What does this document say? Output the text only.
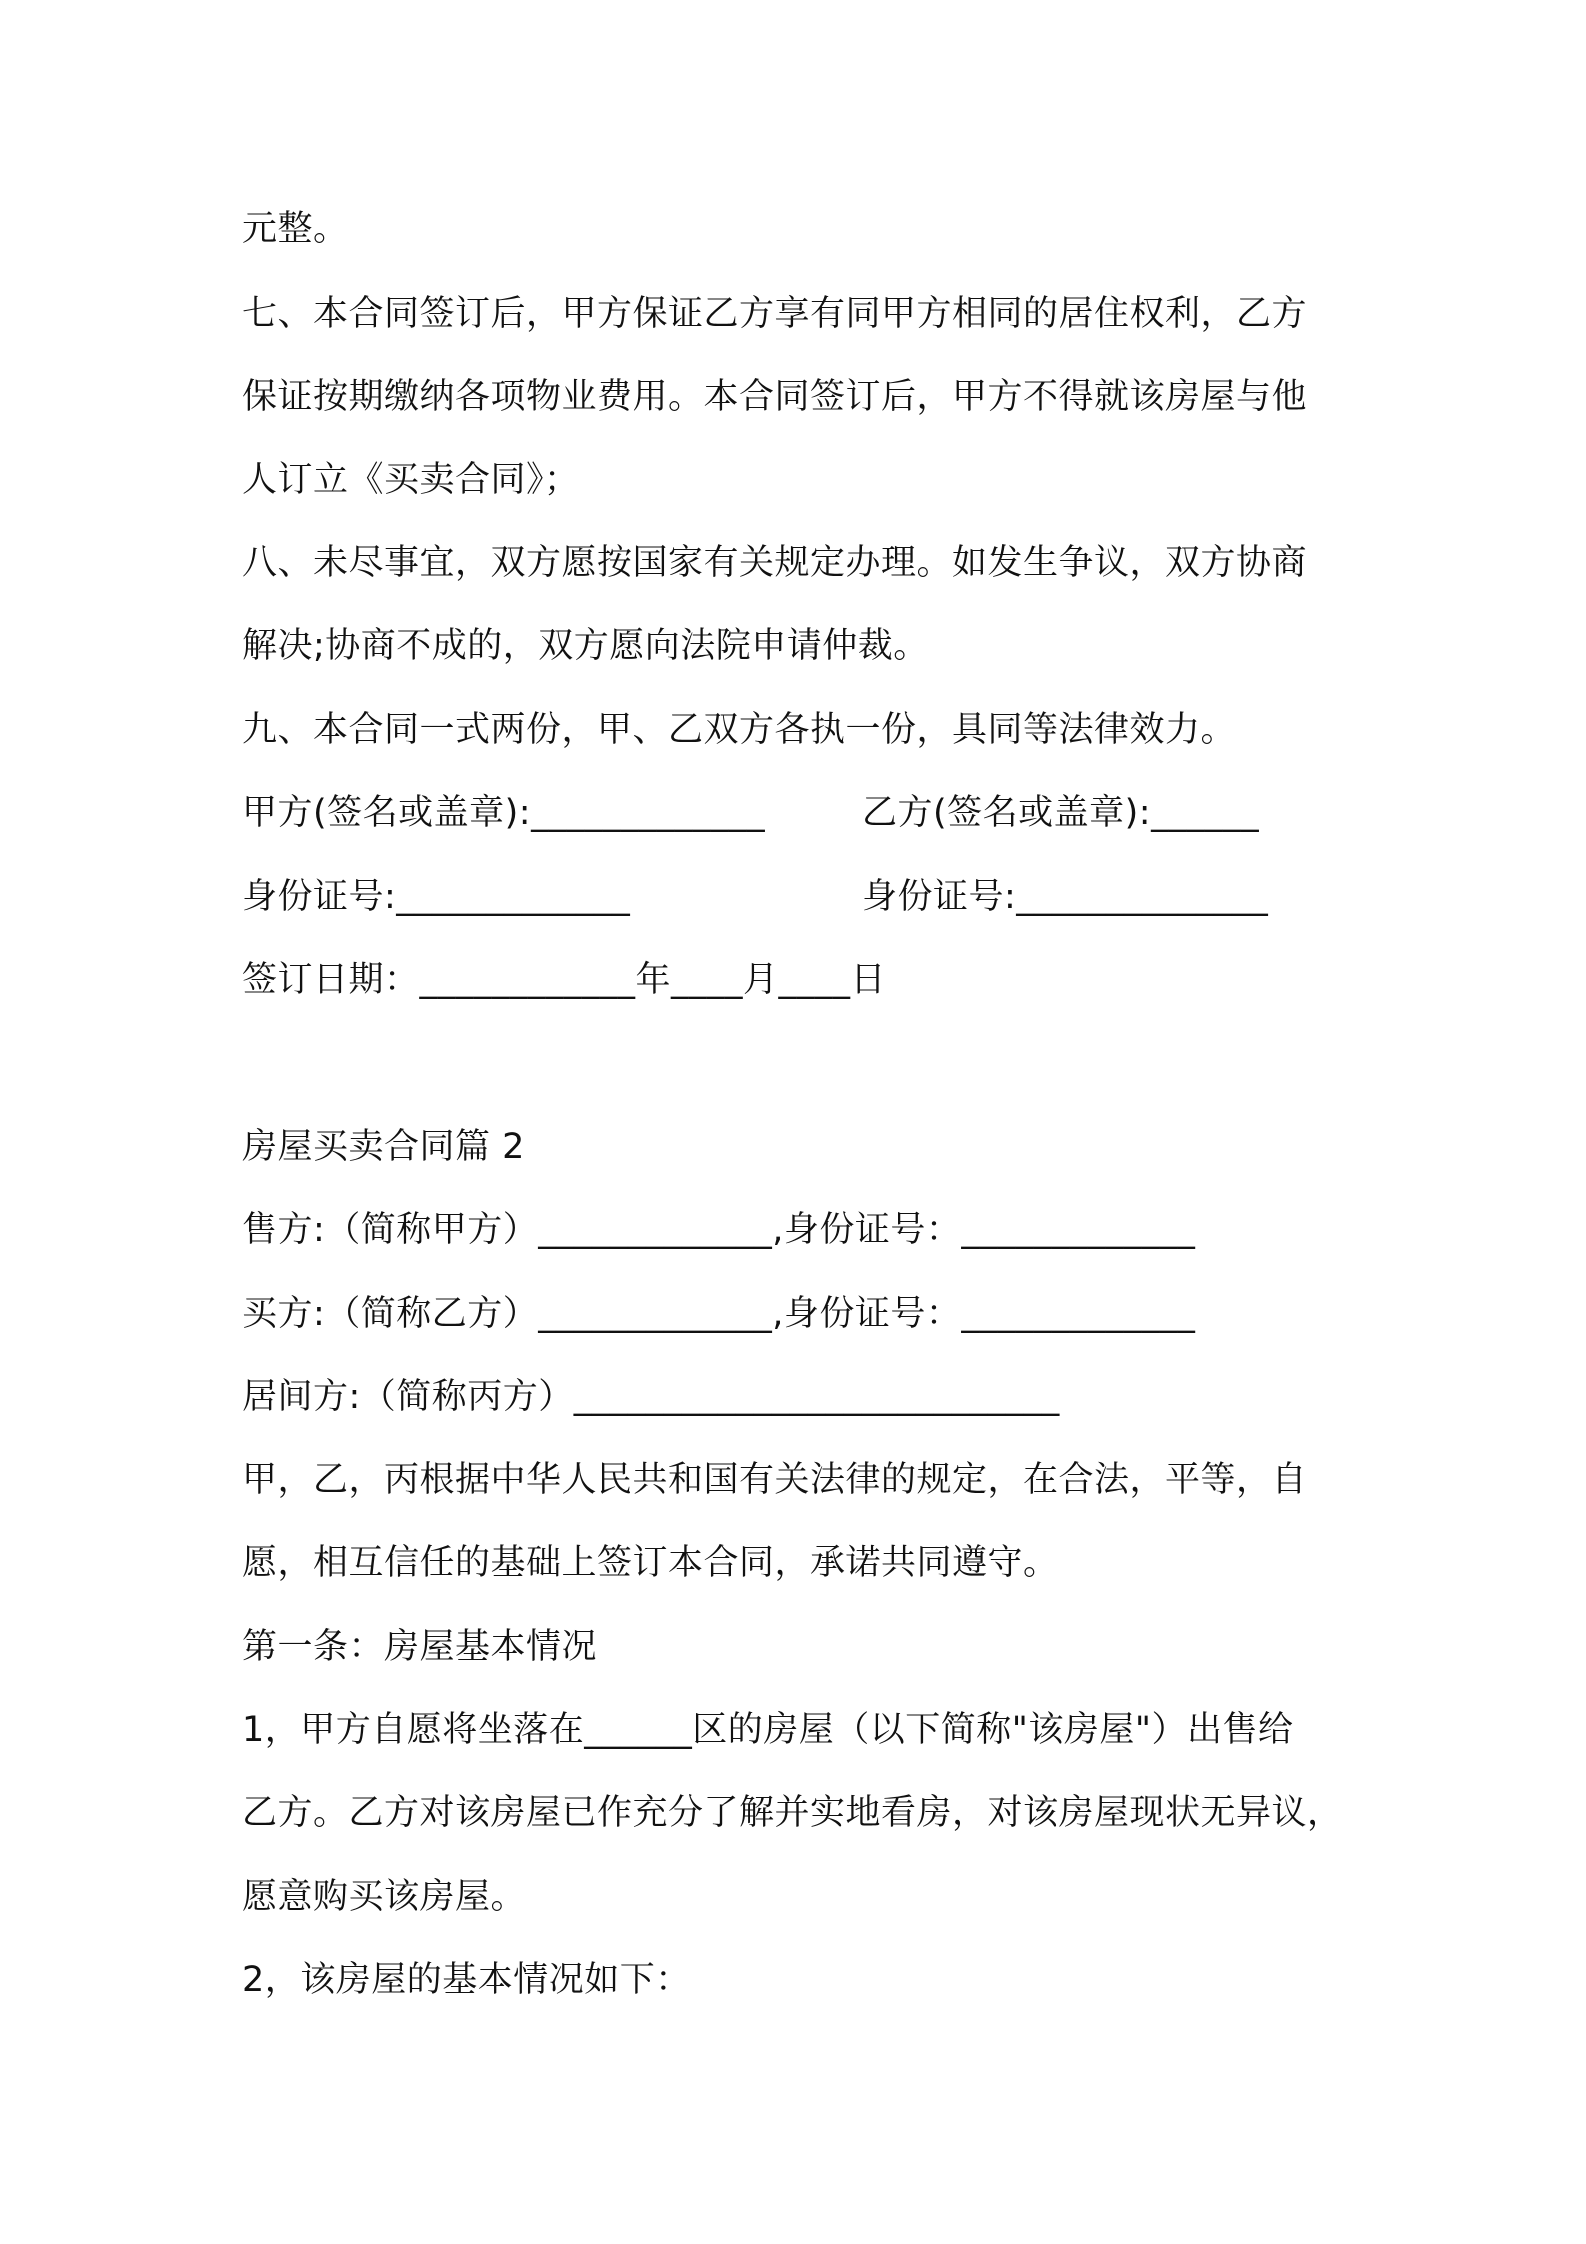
元整。
七、本合同签订后，甲方保证乙方享有同甲方相同的居住权利，乙方
保证按期缴纳各项物业费用。本合同签订后，甲方不得就该房屋与他
人订立《买卖合同》；
八、未尽事宜，双方愿按国家有关规定办理。如发生争议，双方协商
解决;协商不成的，双方愿向法院申请仲裁。
九、本合同一式两份，甲、乙双方各执一份，具同等法律效力。
甲方(签名或盖章):_____________	乙方(签名或盖章):______
身份证号:_____________	身份证号:______________
签订日期：____________年____月____日
房屋买卖合同篇 2
售方:（简称甲方）_____________,身份证号：_____________
买方:（简称乙方）_____________,身份证号：_____________
居间方:（简称丙方）___________________________
甲，乙，丙根据中华人民共和国有关法律的规定，在合法，平等，自
愿，相互信任的基础上签订本合同，承诺共同遵守。
第一条：房屋基本情况
1，甲方自愿将坐落在______区的房屋（以下简称"该房屋"）出售给
乙方。乙方对该房屋已作充分了解并实地看房，对该房屋现状无异议，
愿意购买该房屋。
2，该房屋的基本情况如下：
